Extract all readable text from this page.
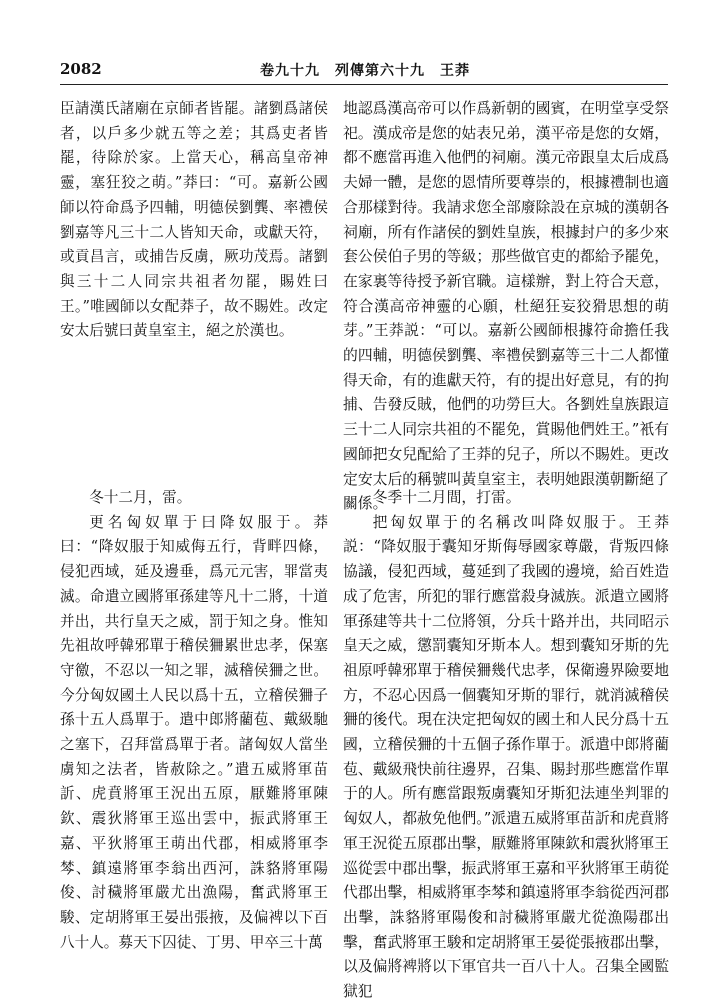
2082	卷九十九　列傳第六十九　王莽

臣請漢氏諸廟在京師者皆罷。諸劉爲諸侯者，以戶多少就五等之差；其爲吏者皆罷，待除於家。上當天心，稱高皇帝神靈，塞狂狡之萌。”莽曰：“可。嘉新公國師以符命爲予四輔，明德侯劉龔、率禮侯劉嘉等凡三十二人皆知天命，或獻天符，或貢昌言，或捕告反虜，厥功茂焉。諸劉與三十二人同宗共祖者勿罷，賜姓曰王。”唯國師以女配莽子，故不賜姓。改定安太后號曰黃皇室主，絕之於漢也。

地認爲漢高帝可以作爲新朝的國賓，在明堂享受祭祀。漢成帝是您的姑表兄弟，漢平帝是您的女婿，都不應當再進入他們的祠廟。漢元帝跟皇太后成爲夫婦一體，是您的恩情所要尊崇的，根據禮制也適合那樣對待。我請求您全部廢除設在京城的漢朝各祠廟，所有作諸侯的劉姓皇族，根據封户的多少來套公侯伯子男的等級；那些做官吏的都給予罷免，在家裏等待授予新官職。這樣辦，對上符合天意，符合漢高帝神靈的心願，杜絕狂妄狡猾思想的萌芽。”王莽説：“可以。嘉新公國師根據符命擔任我的四輔，明德侯劉龔、率禮侯劉嘉等三十二人都懂得天命，有的進獻天符，有的提出好意見，有的拘捕、告發反賊，他們的功勞巨大。各劉姓皇族跟這三十二人同宗共祖的不罷免，賞賜他們姓王。”衹有國師把女兒配給了王莽的兒子，所以不賜姓。更改定安太后的稱號叫黃皇室主，表明她跟漢朝斷絕了關係。

冬十二月，雷。

更名匈奴單于曰降奴服于。莽曰：“降奴服于知威侮五行，背畔四條，侵犯西域，延及邊垂，爲元元害，罪當夷滅。命遣立國將軍孫建等凡十二將，十道并出，共行皇天之威，罰于知之身。惟知先祖故呼韓邪單于稽侯狦累世忠孝，保塞守徼，不忍以一知之罪，滅稽侯狦之世。今分匈奴國土人民以爲十五，立稽侯狦子孫十五人爲單于。遣中郎將藺苞、戴級馳之塞下，召拜當爲單于者。諸匈奴人當坐虜知之法者，皆赦除之。”遣五威將軍苗訢、虎賁將軍王況出五原，厭難將軍陳欽、震狄將軍王巡出雲中，振武將軍王嘉、平狄將軍王萌出代郡，相威將軍李棽、鎮遠將軍李翁出西河，誅貉將軍陽俊、討穢將軍嚴尤出漁陽，奮武將軍王駿、定胡將軍王晏出張掖，及偏裨以下百八十人。募天下囚徒、丁男、甲卒三十萬

冬季十二月間，打雷。

把匈奴單于的名稱改叫降奴服于。王莽説：“降奴服于囊知牙斯侮辱國家尊嚴，背叛四條協議，侵犯西域，蔓延到了我國的邊境，給百姓造成了危害，所犯的罪行應當殺身滅族。派遣立國將軍孫建等共十二位將領，分兵十路并出，共同昭示皇天之威，懲罰囊知牙斯本人。想到囊知牙斯的先祖原呼韓邪單于稽侯狦幾代忠孝，保衛邊界險要地方，不忍心因爲一個囊知牙斯的罪行，就消滅稽侯狦的後代。現在決定把匈奴的國土和人民分爲十五國，立稽侯狦的十五個子孫作單于。派遣中郎將藺苞、戴級飛快前往邊界，召集、賜封那些應當作單于的人。所有應當跟叛虜囊知牙斯犯法連坐判罪的匈奴人，都赦免他們。”派遣五威將軍苗訢和虎賁將軍王況從五原郡出擊，厭難將軍陳欽和震狄將軍王巡從雲中郡出擊，振武將軍王嘉和平狄將軍王萌從代郡出擊，相威將軍李棽和鎮遠將軍李翁從西河郡出擊，誅貉將軍陽俊和討穢將軍嚴尤從漁陽郡出擊，奮武將軍王駿和定胡將軍王晏從張掖郡出擊，以及偏將裨將以下軍官共一百八十人。召集全國監獄犯
